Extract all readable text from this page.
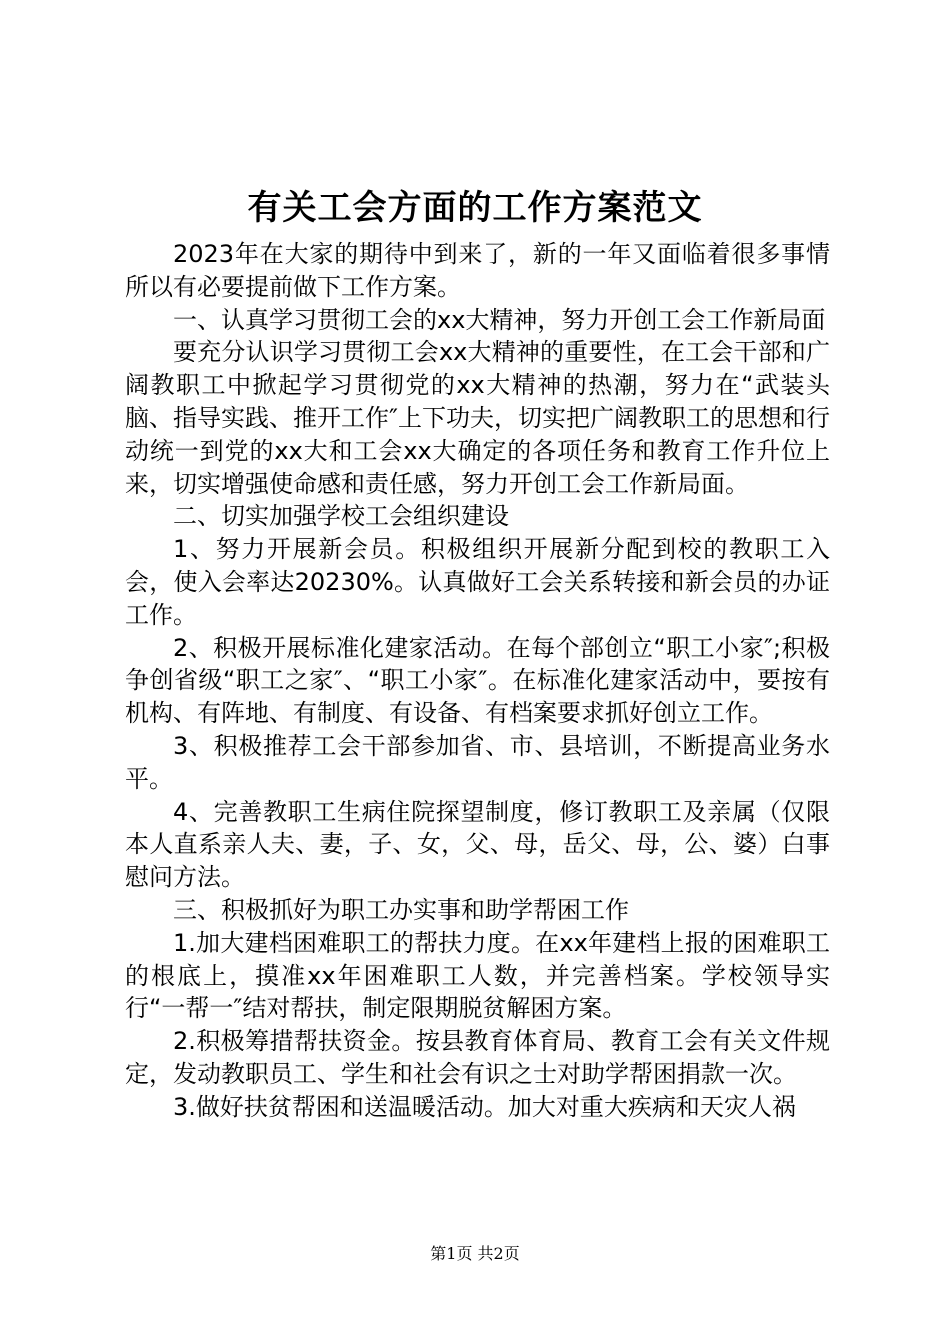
有关工会方面的工作方案范文

2023年在大家的期待中到来了，新的一年又面临着很多事情所以有必要提前做下工作方案。

一、认真学习贯彻工会的xx大精神，努力开创工会工作新局面

要充分认识学习贯彻工会xx大精神的重要性，在工会干部和广阔教职工中掀起学习贯彻党的xx大精神的热潮，努力在“武装头脑、指导实践、推开工作″上下功夫，切实把广阔教职工的思想和行动统一到党的xx大和工会xx大确定的各项任务和教育工作升位上来，切实增强使命感和责任感，努力开创工会工作新局面。

二、切实加强学校工会组织建设

1、努力开展新会员。积极组织开展新分配到校的教职工入会，使入会率达20230%。认真做好工会关系转接和新会员的办证工作。

2、积极开展标准化建家活动。在每个部创立“职工小家″;积极争创省级“职工之家″、“职工小家″。在标准化建家活动中，要按有机构、有阵地、有制度、有设备、有档案要求抓好创立工作。

3、积极推荐工会干部参加省、市、县培训，不断提高业务水平。

4、完善教职工生病住院探望制度，修订教职工及亲属（仅限本人直系亲人夫、妻，子、女，父、母，岳父、母，公、婆）白事慰问方法。

三、积极抓好为职工办实事和助学帮困工作

1.加大建档困难职工的帮扶力度。在xx年建档上报的困难职工的根底上，摸准xx年困难职工人数，并完善档案。学校领导实行“一帮一″结对帮扶，制定限期脱贫解困方案。

2.积极筹措帮扶资金。按县教育体育局、教育工会有关文件规定，发动教职员工、学生和社会有识之士对助学帮困捐款一次。

3.做好扶贫帮困和送温暖活动。加大对重大疾病和天灾人祸

第1页 共2页
